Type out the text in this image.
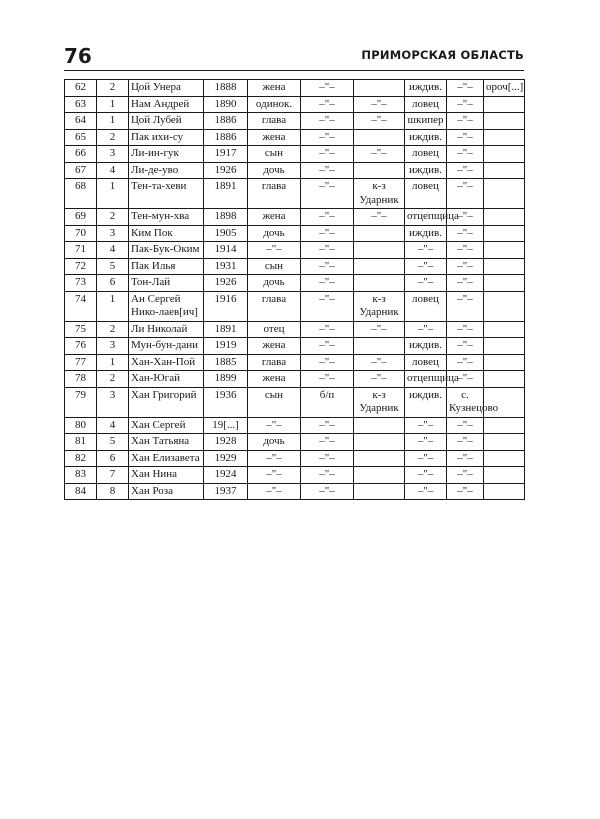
76	ПРИМОРСКАЯ ОБЛАСТЬ
62	2	Цой Унера	1888	жена	–"–		иждив.	–"–	ороч[...]
63	1	Нам Андрей	1890	одинок.	–"–	–"–	ловец	–"–	
64	1	Цой Лубей	1886	глава	–"–	–"–	шкипер	–"–	
65	2	Пак ихи-су	1886	жена	–"–		иждив.	–"–	
66	3	Ли-ин-гук	1917	сын	–"–	–"–	ловец	–"–	
67	4	Ли-де-уво	1926	дочь	–"–		иждив.	–"–	
68	1	Тен-та-хеви	1891	глава	–"–	к-з Ударник	ловец	–"–	
69	2	Тен-мун-хва	1898	жена	–"–	–"–	отцепщица	–"–	
70	3	Ким Пок	1905	дочь	–"–		иждив.	–"–	
71	4	Пак-Бук-Оким	1914	–"–	–"–		–"–	–"–	
72	5	Пак Илья	1931	сын	–"–		–"–	–"–	
73	6	Тон-Лай	1926	дочь	–"–		–"–	–"–	
74	1	Ан Сергей Нико-лаев[ич]	1916	глава	–"–	к-з Ударник	ловец	–"–	
75	2	Ли Николай	1891	отец	–"–	–"–	–"–	–"–	
76	3	Мун-бун-дани	1919	жена	–"–		иждив.	–"–	
77	1	Хан-Хан-Пой	1885	глава	–"–	–"–	ловец	–"–	
78	2	Хан-Югай	1899	жена	–"–	–"–	отцепщица	–"–	
79	3	Хан Григорий	1936	сын	б/п	к-з Ударник	иждив.	с. Кузнецово	
80	4	Хан Сергей	19[...]	–"–	–"–		–"–	–"–	
81	5	Хан Татьяна	1928	дочь	–"–		–"–	–"–	
82	6	Хан Елизавета	1929	–"–	–"–		–"–	–"–	
83	7	Хан Нина	1924	–"–	–"–		–"–	–"–	
84	8	Хан Роза	1937	–"–	–"–		–"–	–"–	
